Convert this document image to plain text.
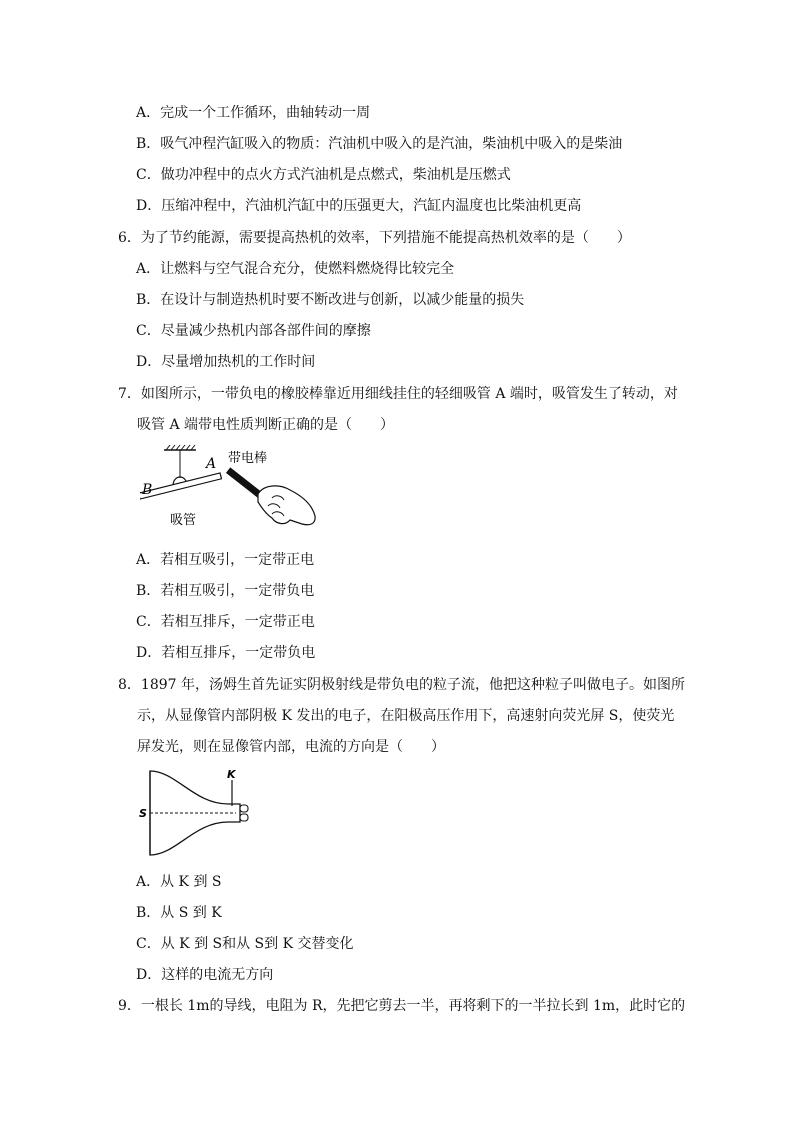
A．完成一个工作循环，曲轴转动一周
B．吸气冲程汽缸吸入的物质：汽油机中吸入的是汽油，柴油机中吸入的是柴油
C．做功冲程中的点火方式汽油机是点燃式，柴油机是压燃式
D．压缩冲程中，汽油机汽缸中的压强更大，汽缸内温度也比柴油机更高
6．为了节约能源，需要提高热机的效率，下列措施不能提高热机效率的是（　　）
A．让燃料与空气混合充分，使燃料燃烧得比较完全
B．在设计与制造热机时要不断改进与创新，以减少能量的损失
C．尽量减少热机内部各部件间的摩擦
D．尽量增加热机的工作时间
7．如图所示，一带负电的橡胶棒靠近用细线挂住的轻细吸管 A 端时，吸管发生了转动，对
吸管 A 端带电性质判断正确的是（　　）
B
A 带电棒
吸管
A．若相互吸引，一定带正电
B．若相互吸引，一定带负电
C．若相互排斥，一定带正电
D．若相互排斥，一定带负电
8．1897 年，汤姆生首先证实阴极射线是带负电的粒子流，他把这种粒子叫做电子。如图所
示，从显像管内部阴极 K 发出的电子，在阳极高压作用下，高速射向荧光屏 S，使荧光
屏发光，则在显像管内部，电流的方向是（　　）
K
S
A．从 K 到 S
B．从 S 到 K
C．从 K 到 S和从 S到 K 交替变化
D．这样的电流无方向
9．一根长 1m的导线，电阻为 R，先把它剪去一半，再将剩下的一半拉长到 1m，此时它的
